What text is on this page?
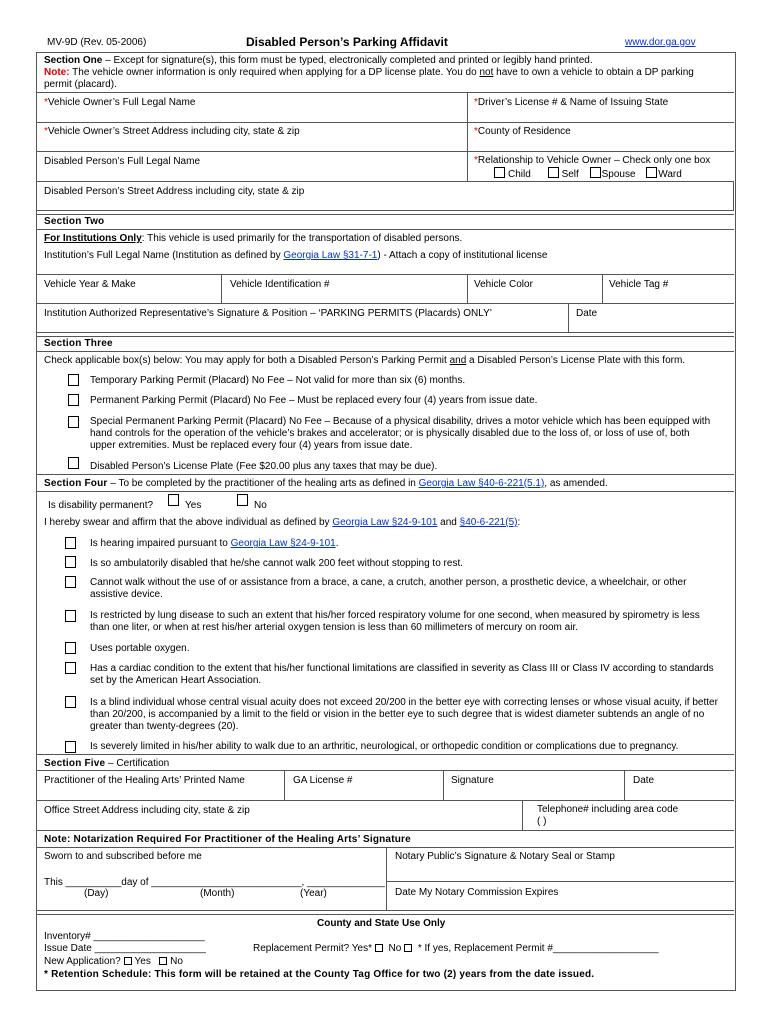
MV-9D (Rev. 05-2006)	Disabled Person’s Parking Affidavit	www.dor.ga.gov
Section One – Except for signature(s), this form must be typed, electronically completed and printed or legibly hand printed.
Note: The vehicle owner information is only required when applying for a DP license plate. You do not have to own a vehicle to obtain a DP parking
permit (placard).
*Vehicle Owner’s Full Legal Name	*Driver’s License # & Name of Issuing State
*Vehicle Owner’s Street Address including city, state & zip	*County of Residence
Disabled Person’s Full Legal Name	*Relationship to Vehicle Owner – Check only one box
Child	Self Spouse Ward
Disabled Person’s Street Address including city, state & zip
Section Two
For Institutions Only: This vehicle is used primarily for the transportation of disabled persons.
Institution’s Full Legal Name (Institution as defined by Georgia Law §31-7-1) - Attach a copy of institutional license
Vehicle Year & Make	Vehicle Identification #	Vehicle Color	Vehicle Tag #
Institution Authorized Representative’s Signature & Position – ‘PARKING PERMITS (Placards) ONLY’	Date
Section Three
Check applicable box(s) below: You may apply for both a Disabled Person’s Parking Permit and a Disabled Person’s License Plate with this form.
Temporary Parking Permit (Placard) No Fee – Not valid for more than six (6) months.
Permanent Parking Permit (Placard) No Fee – Must be replaced every four (4) years from issue date.
Special Permanent Parking Permit (Placard) No Fee – Because of a physical disability, drives a motor vehicle which has been equipped with
hand controls for the operation of the vehicle’s brakes and accelerator; or is physically disabled due to the loss of, or loss of use of, both
upper extremities. Must be replaced every four (4) years from issue date.
Disabled Person’s License Plate (Fee $20.00 plus any taxes that may be due).
Section Four – To be completed by the practitioner of the healing arts as defined in Georgia Law §40-6-221(5.1), as amended.
Is disability permanent?	Yes	No
I hereby swear and affirm that the above individual as defined by Georgia Law §24-9-101 and §40-6-221(5):
Is hearing impaired pursuant to Georgia Law §24-9-101.
Is so ambulatorily disabled that he/she cannot walk 200 feet without stopping to rest.
Cannot walk without the use of or assistance from a brace, a cane, a crutch, another person, a prosthetic device, a wheelchair, or other
assistive device.
Is restricted by lung disease to such an extent that his/her forced respiratory volume for one second, when measured by spirometry is less
than one liter, or when at rest his/her arterial oxygen tension is less than 60 millimeters of mercury on room air.
Uses portable oxygen.
Has a cardiac condition to the extent that his/her functional limitations are classified in severity as Class III or Class IV according to standards
set by the American Heart Association.
Is a blind individual whose central visual acuity does not exceed 20/200 in the better eye with correcting lenses or whose visual acuity, if better
than 20/200, is accompanied by a limit to the field or vision in the better eye to such degree that is widest diameter subtends an angle of no
greater than twenty-degrees (20).
Is severely limited in his/her ability to walk due to an arthritic, neurological, or orthopedic condition or complications due to pregnancy.
Section Five – Certification
Practitioner of the Healing Arts’ Printed Name	GA License #	Signature	Date
Office Street Address including city, state & zip	Telephone# including area code
( )
Note: Notarization Required For Practitioner of the Healing Arts’ Signature
Sworn to and subscribed before me	Notary Public’s Signature & Notary Seal or Stamp
This __________day of ___________________________, ______________
(Day)	(Month)	(Year)	Date My Notary Commission Expires
County and State Use Only
Inventory# ____________________
Issue Date ____________________	Replacement Permit? Yes*  No  * If yes, Replacement Permit #___________________
New Application? Yes No
* Retention Schedule: This form will be retained at the County Tag Office for two (2) years from the date issued.
